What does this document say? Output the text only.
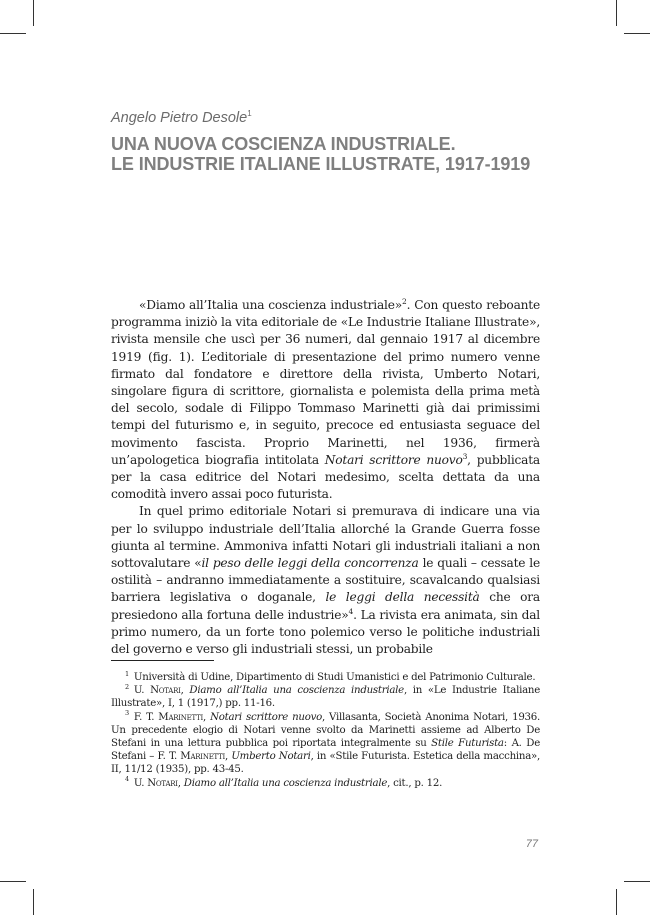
Angelo Pietro Desole$^1$
UNA NUOVA COSCIENZA INDUSTRIALE.
LE INDUSTRIE ITALIANE ILLUSTRATE, 1917-1919

«Diamo all’Italia una coscienza industriale»$^2$. Con questo reboante programma iniziò la vita editoriale de «Le Industrie Italiane Illustrate», rivista mensile che uscì per 36 numeri, dal gennaio 1917 al dicembre 1919 (fig. 1). L’editoriale di presentazione del primo numero venne firmato dal fondatore e direttore della rivista, Umberto Notari, singolare figura di scrittore, giornalista e polemista della prima metà del secolo, sodale di Filippo Tommaso Marinetti già dai primissimi tempi del futurismo e, in seguito, precoce ed entusiasta seguace del movimento fascista. Proprio Marinetti, nel 1936, firmerà un’apologetica biografia intitolata Notari scrittore nuovo$^3$, pubblicata per la casa editrice del Notari medesimo, scelta dettata da una comodità invero assai poco futurista.

In quel primo editoriale Notari si premurava di indicare una via per lo sviluppo industriale dell’Italia allorché la Grande Guerra fosse giunta al termine. Ammoniva infatti Notari gli industriali italiani a non sottovalutare «il peso delle leggi della concorrenza le quali – cessate le ostilità – andranno immediatamente a sostituire, scavalcando qualsiasi barriera legislativa o doganale, le leggi della necessità che ora presiedono alla fortuna delle industrie»$^4$. La rivista era animata, sin dal primo numero, da un forte tono polemico verso le politiche industriali del governo e verso gli industriali stessi, un probabile

$^1$ Università di Udine, Dipartimento di Studi Umanistici e del Patrimonio Culturale.

$^2$ U. Notari, Diamo all’Italia una coscienza industriale, in «Le Industrie Italiane Illustrate», I, 1 (1917,) pp. 11-16.

$^3$ F. T. Marinetti, Notari scrittore nuovo, Villasanta, Società Anonima Notari, 1936. Un precedente elogio di Notari venne svolto da Marinetti assieme ad Alberto De Stefani in una lettura pubblica poi riportata integralmente su Stile Futurista: A. De Stefani – F. T. Marinetti, Umberto Notari, in «Stile Futurista. Estetica della macchina», II, 11/12 (1935), pp. 43-45.

$^4$ U. Notari, Diamo all’Italia una coscienza industriale, cit., p. 12.

77
